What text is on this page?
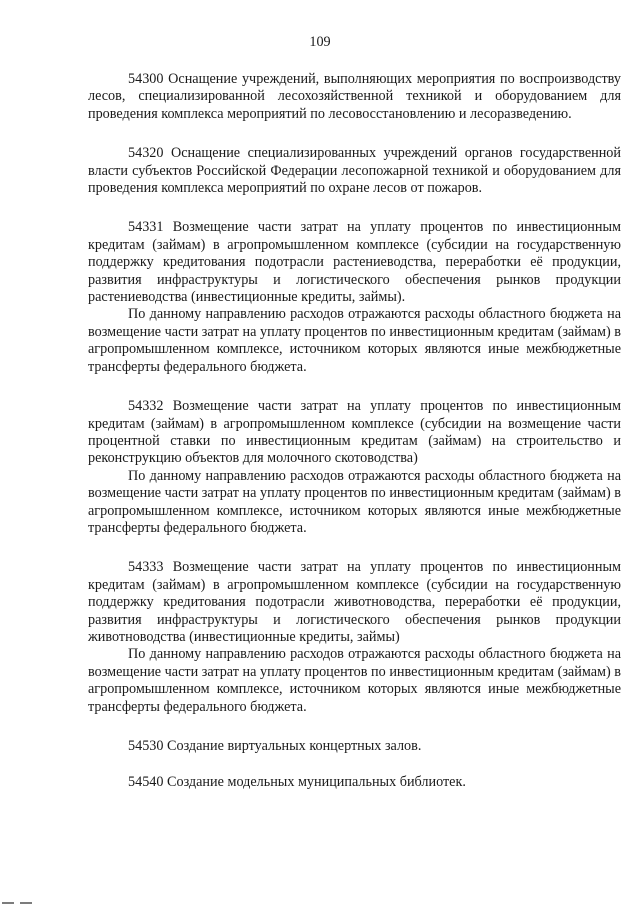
109

54300 Оснащение учреждений, выполняющих мероприятия по воспроизводству лесов, специализированной лесохозяйственной техникой и оборудованием для проведения комплекса мероприятий по лесовосстановлению и лесоразведению.

54320 Оснащение специализированных учреждений органов государственной власти субъектов Российской Федерации лесопожарной техникой и оборудованием для проведения комплекса мероприятий по охране лесов от пожаров.

54331 Возмещение части затрат на уплату процентов по инвестиционным кредитам (займам) в агропромышленном комплексе (субсидии на государственную поддержку кредитования подотрасли растениеводства, переработки её продукции, развития инфраструктуры и логистического обеспечения рынков продукции растениеводства (инвестиционные кредиты, займы).

По данному направлению расходов отражаются расходы областного бюджета на возмещение части затрат на уплату процентов по инвестиционным кредитам (займам) в агропромышленном комплексе, источником которых являются иные межбюджетные трансферты федерального бюджета.

54332 Возмещение части затрат на уплату процентов по инвестиционным кредитам (займам) в агропромышленном комплексе (субсидии на возмещение части процентной ставки по инвестиционным кредитам (займам) на строительство и реконструкцию объектов для молочного скотоводства)

По данному направлению расходов отражаются расходы областного бюджета на возмещение части затрат на уплату процентов по инвестиционным кредитам (займам) в агропромышленном комплексе, источником которых являются иные межбюджетные трансферты федерального бюджета.

54333 Возмещение части затрат на уплату процентов по инвестиционным кредитам (займам) в агропромышленном комплексе (субсидии на государственную поддержку кредитования подотрасли животноводства, переработки её продукции, развития инфраструктуры и логистического обеспечения рынков продукции животноводства (инвестиционные кредиты, займы)

По данному направлению расходов отражаются расходы областного бюджета на возмещение части затрат на уплату процентов по инвестиционным кредитам (займам) в агропромышленном комплексе, источником которых являются иные межбюджетные трансферты федерального бюджета.

54530 Создание виртуальных концертных залов.

54540 Создание модельных муниципальных библиотек.
